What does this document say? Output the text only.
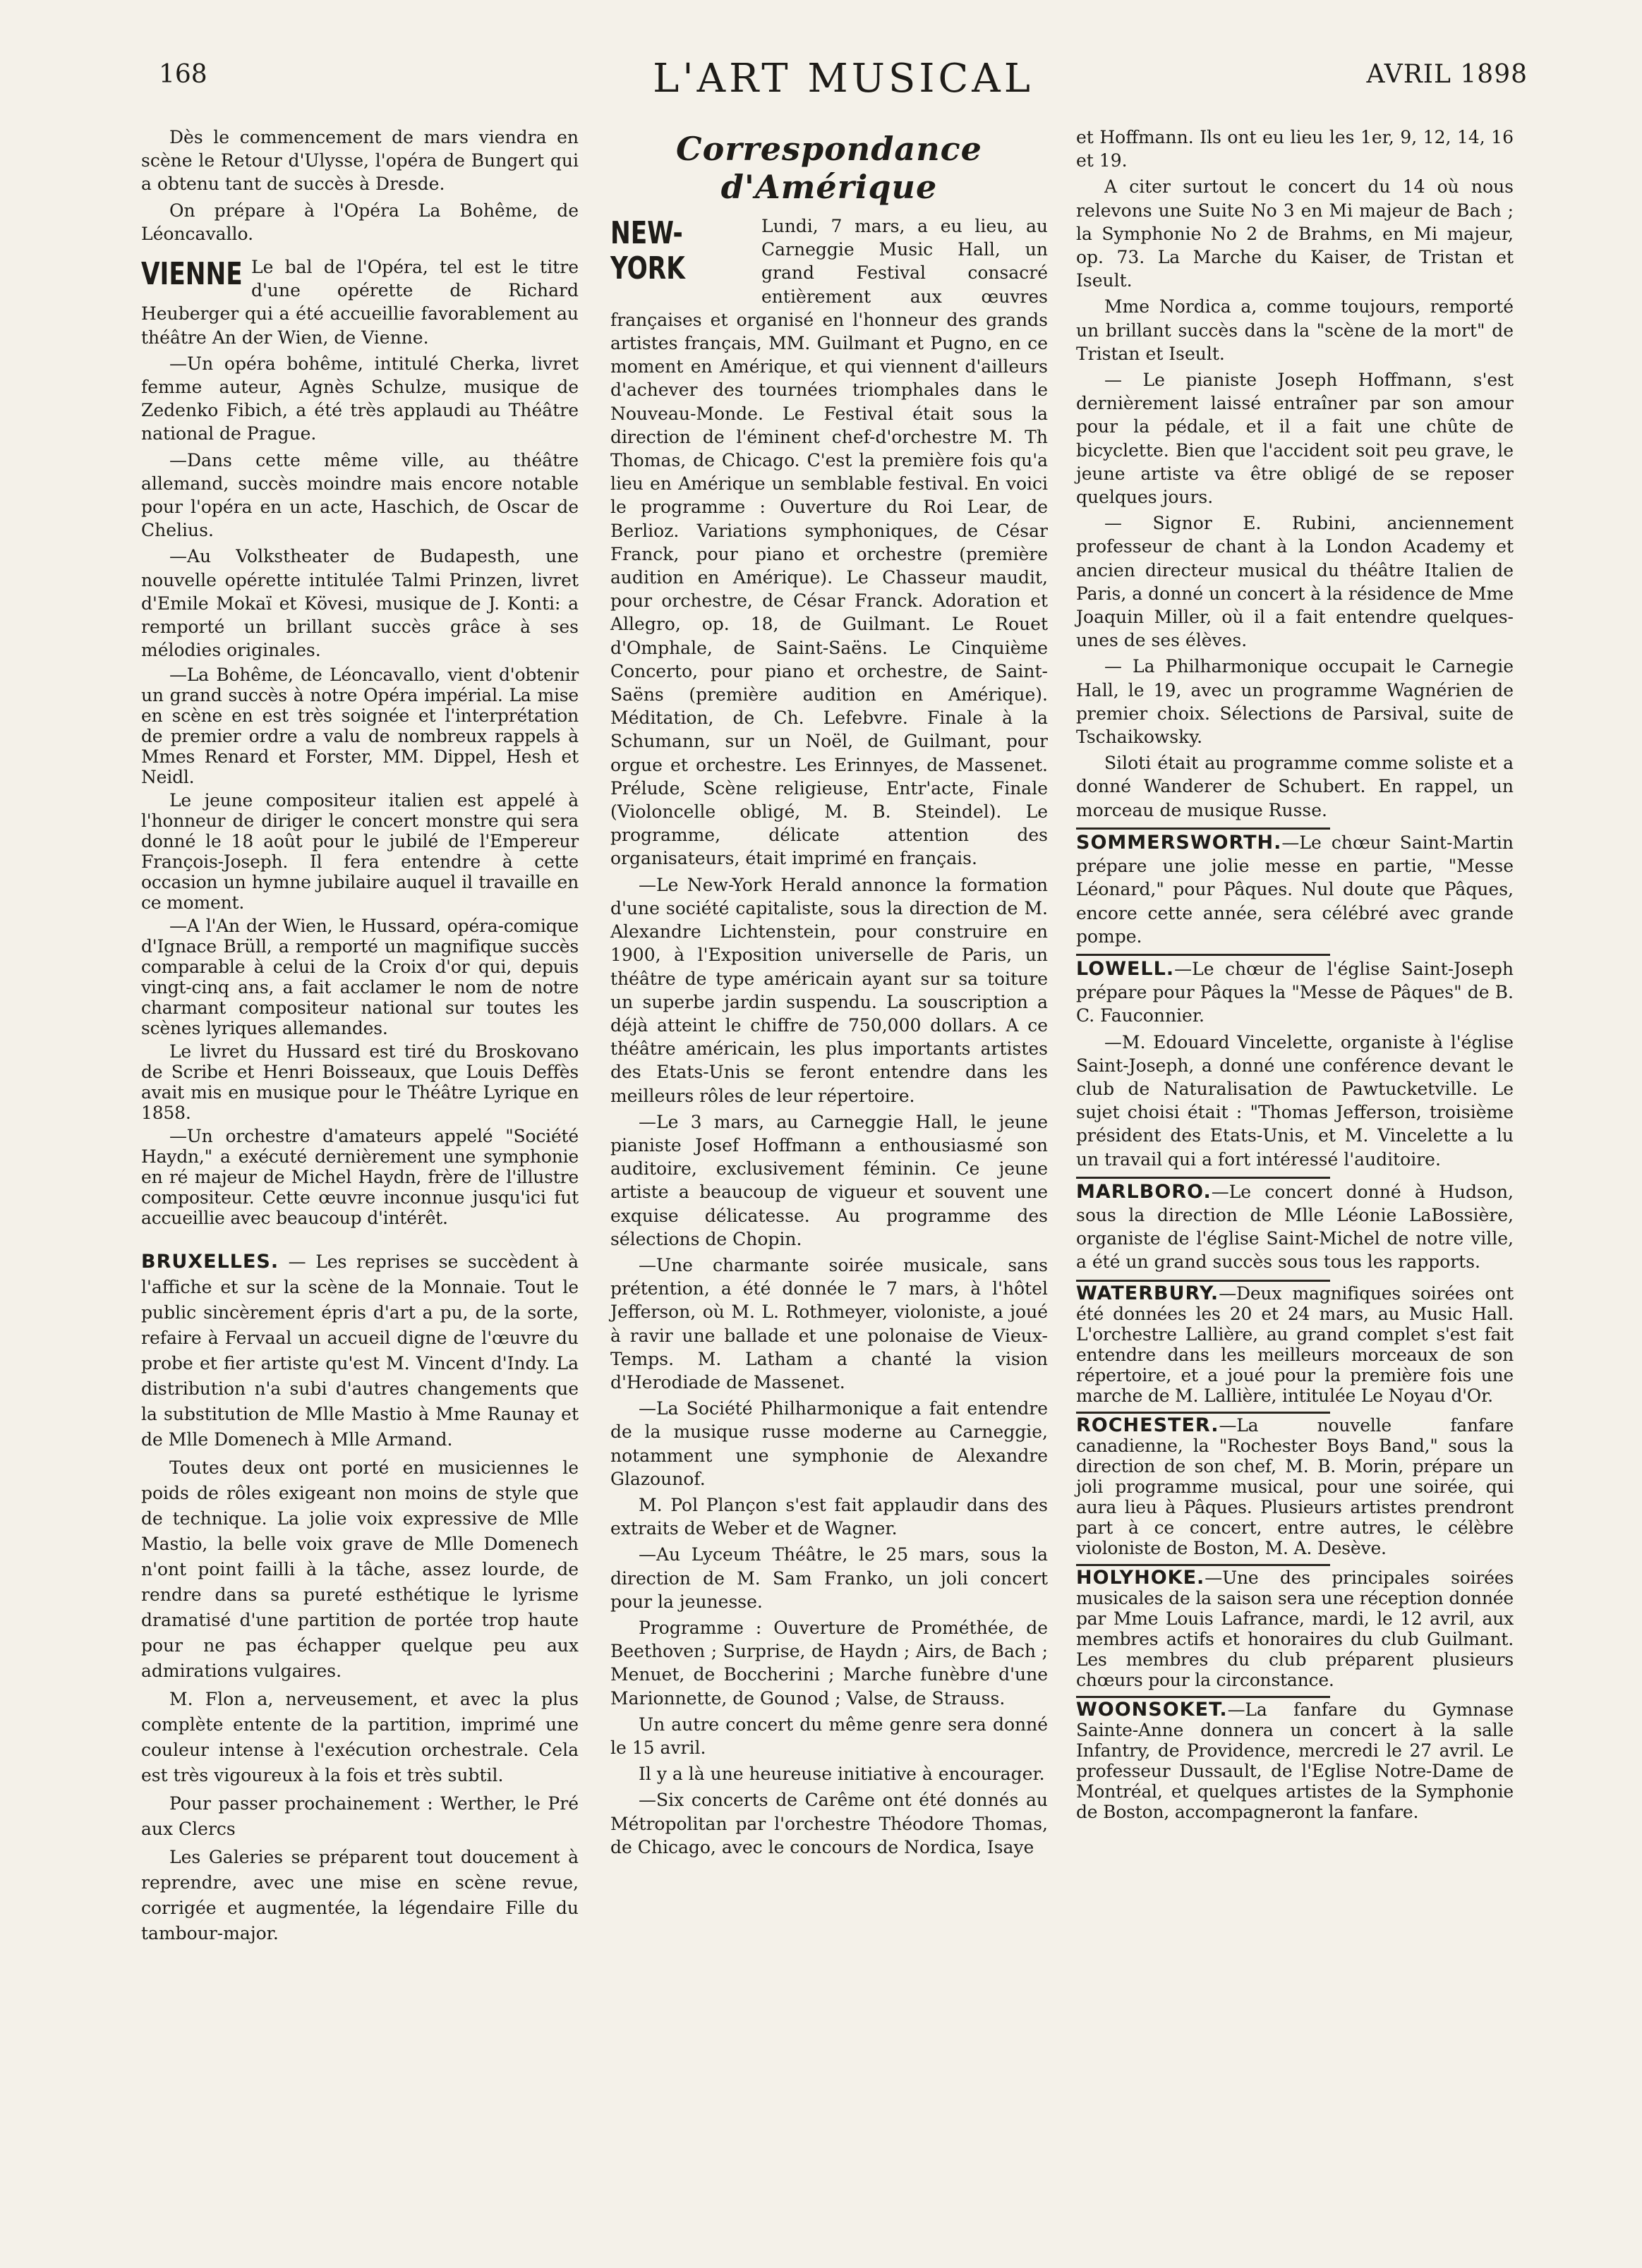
168	L'ART MUSICAL	AVRIL 1898

Dès le commencement de mars viendra en scène le Retour d'Ulysse, l'opéra de Bungert qui a obtenu tant de succès à Dresde.

On prépare à l'Opéra La Bohême, de Léoncavallo.

VIENNE Le bal de l'Opéra, tel est le titre d'une opérette de Richard Heuberger qui a été accueillie favorablement au théâtre An der Wien, de Vienne.

—Un opéra bohême, intitulé Cherka, livret femme auteur, Agnès Schulze, musique de Zedenko Fibich, a été très applaudi au Théâtre national de Prague.

—Dans cette même ville, au théâtre allemand, succès moindre mais encore notable pour l'opéra en un acte, Haschich, de Oscar de Chelius.

—Au Volkstheater de Budapesth, une nouvelle opérette intitulée Talmi Prinzen, livret d'Emile Mokaï et Kövesi, musique de J. Konti: a remporté un brillant succès grâce à ses mélodies originales.

—La Bohême, de Léoncavallo, vient d'obtenir un grand succès à notre Opéra impérial. La mise en scène en est très soignée et l'interprétation de premier ordre a valu de nombreux rappels à Mmes Renard et Forster, MM. Dippel, Hesh et Neidl.

Le jeune compositeur italien est appelé à l'honneur de diriger le concert monstre qui sera donné le 18 août pour le jubilé de l'Empereur François-Joseph. Il fera entendre à cette occasion un hymne jubilaire auquel il travaille en ce moment.

—A l'An der Wien, le Hussard, opéra-comique d'Ignace Brüll, a remporté un magnifique succès comparable à celui de la Croix d'or qui, depuis vingt-cinq ans, a fait acclamer le nom de notre charmant compositeur national sur toutes les scènes lyriques allemandes.

Le livret du Hussard est tiré du Broskovano de Scribe et Henri Boisseaux, que Louis Deffès avait mis en musique pour le Théâtre Lyrique en 1858.

—Un orchestre d'amateurs appelé "Société Haydn," a exécuté dernièrement une symphonie en ré majeur de Michel Haydn, frère de l'illustre compositeur. Cette œuvre inconnue jusqu'ici fut accueillie avec beaucoup d'intérêt.

BRUXELLES. — Les reprises se succèdent à l'affiche et sur la scène de la Monnaie. Tout le public sincèrement épris d'art a pu, de la sorte, refaire à Fervaal un accueil digne de l'œuvre du probe et fier artiste qu'est M. Vincent d'Indy. La distribution n'a subi d'autres changements que la substitution de Mlle Mastio à Mme Raunay et de Mlle Domenech à Mlle Armand.

Toutes deux ont porté en musiciennes le poids de rôles exigeant non moins de style que de technique. La jolie voix expressive de Mlle Mastio, la belle voix grave de Mlle Domenech n'ont point failli à la tâche, assez lourde, de rendre dans sa pureté esthétique le lyrisme dramatisé d'une partition de portée trop haute pour ne pas échapper quelque peu aux admirations vulgaires.

M. Flon a, nerveusement, et avec la plus complète entente de la partition, imprimé une couleur intense à l'exécution orchestrale. Cela est très vigoureux à la fois et très subtil.

Pour passer prochainement : Werther, le Pré aux Clercs

Les Galeries se préparent tout doucement à reprendre, avec une mise en scène revue, corrigée et augmentée, la légendaire Fille du tambour-major.

Correspondance d'Amérique
NEW-YORK

Lundi, 7 mars, a eu lieu, au Carneggie Music Hall, un grand Festival consacré entièrement aux œuvres françaises et organisé en l'honneur des grands artistes français, MM. Guilmant et Pugno, en ce moment en Amérique, et qui viennent d'ailleurs d'achever des tournées triomphales dans le Nouveau-Monde. Le Festival était sous la direction de l'éminent chef-d'orchestre M. Th Thomas, de Chicago. C'est la première fois qu'a lieu en Amérique un semblable festival. En voici le programme : Ouverture du Roi Lear, de Berlioz. Variations symphoniques, de César Franck, pour piano et orchestre (première audition en Amérique). Le Chasseur maudit, pour orchestre, de César Franck. Adoration et Allegro, op. 18, de Guilmant. Le Rouet d'Omphale, de Saint-Saëns. Le Cinquième Concerto, pour piano et orchestre, de Saint-Saëns (première audition en Amérique). Méditation, de Ch. Lefebvre. Finale à la Schumann, sur un Noël, de Guilmant, pour orgue et orchestre. Les Erinnyes, de Massenet. Prélude, Scène religieuse, Entr'acte, Finale (Violoncelle obligé, M. B. Steindel). Le programme, délicate attention des organisateurs, était imprimé en français.

—Le New-York Herald annonce la formation d'une société capitaliste, sous la direction de M. Alexandre Lichtenstein, pour construire en 1900, à l'Exposition universelle de Paris, un théâtre de type américain ayant sur sa toiture un superbe jardin suspendu. La souscription a déjà atteint le chiffre de 750,000 dollars. A ce théâtre américain, les plus importants artistes des Etats-Unis se feront entendre dans les meilleurs rôles de leur répertoire.

—Le 3 mars, au Carneggie Hall, le jeune pianiste Josef Hoffmann a enthousiasmé son auditoire, exclusivement féminin. Ce jeune artiste a beaucoup de vigueur et souvent une exquise délicatesse. Au programme des sélections de Chopin.

—Une charmante soirée musicale, sans prétention, a été donnée le 7 mars, à l'hôtel Jefferson, où M. L. Rothmeyer, violoniste, a joué à ravir une ballade et une polonaise de Vieux-Temps. M. Latham a chanté la vision d'Herodiade de Massenet.

—La Société Philharmonique a fait entendre de la musique russe moderne au Carneggie, notamment une symphonie de Alexandre Glazounof.

M. Pol Plançon s'est fait applaudir dans des extraits de Weber et de Wagner.

—Au Lyceum Théâtre, le 25 mars, sous la direction de M. Sam Franko, un joli concert pour la jeunesse.

Programme : Ouverture de Prométhée, de Beethoven ; Surprise, de Haydn ; Airs, de Bach ; Menuet, de Boccherini ; Marche funèbre d'une Marionnette, de Gounod ; Valse, de Strauss.

Un autre concert du même genre sera donné le 15 avril.

Il y a là une heureuse initiative à encourager.

—Six concerts de Carême ont été donnés au Métropolitan par l'orchestre Théodore Thomas, de Chicago, avec le concours de Nordica, Isaye

et Hoffmann. Ils ont eu lieu les 1er, 9, 12, 14, 16 et 19.

A citer surtout le concert du 14 où nous relevons une Suite No 3 en Mi majeur de Bach ; la Symphonie No 2 de Brahms, en Mi majeur, op. 73. La Marche du Kaiser, de Tristan et Iseult.

Mme Nordica a, comme toujours, remporté un brillant succès dans la "scène de la mort" de Tristan et Iseult.

— Le pianiste Joseph Hoffmann, s'est dernièrement laissé entraîner par son amour pour la pédale, et il a fait une chûte de bicyclette. Bien que l'accident soit peu grave, le jeune artiste va être obligé de se reposer quelques jours.

— Signor E. Rubini, anciennement professeur de chant à la London Academy et ancien directeur musical du théâtre Italien de Paris, a donné un concert à la résidence de Mme Joaquin Miller, où il a fait entendre quelques-unes de ses élèves.

— La Philharmonique occupait le Carnegie Hall, le 19, avec un programme Wagnérien de premier choix. Sélections de Parsival, suite de Tschaikowsky.

Siloti était au programme comme soliste et a donné Wanderer de Schubert. En rappel, un morceau de musique Russe.

SOMMERSWORTH.—Le chœur Saint-Martin prépare une jolie messe en partie, "Messe Léonard," pour Pâques. Nul doute que Pâques, encore cette année, sera célébré avec grande pompe.

LOWELL.—Le chœur de l'église Saint-Joseph prépare pour Pâques la "Messe de Pâques" de B. C. Fauconnier.

—M. Edouard Vincelette, organiste à l'église Saint-Joseph, a donné une conférence devant le club de Naturalisation de Pawtucketville. Le sujet choisi était : "Thomas Jefferson, troisième président des Etats-Unis, et M. Vincelette a lu un travail qui a fort intéressé l'auditoire.

MARLBORO.—Le concert donné à Hudson, sous la direction de Mlle Léonie LaBossière, organiste de l'église Saint-Michel de notre ville, a été un grand succès sous tous les rapports.

WATERBURY.—Deux magnifiques soirées ont été données les 20 et 24 mars, au Music Hall. L'orchestre Lallière, au grand complet s'est fait entendre dans les meilleurs morceaux de son répertoire, et a joué pour la première fois une marche de M. Lallière, intitulée Le Noyau d'Or.

ROCHESTER.—La nouvelle fanfare canadienne, la "Rochester Boys Band," sous la direction de son chef, M. B. Morin, prépare un joli programme musical, pour une soirée, qui aura lieu à Pâques. Plusieurs artistes prendront part à ce concert, entre autres, le célèbre violoniste de Boston, M. A. Desève.

HOLYHOKE.—Une des principales soirées musicales de la saison sera une réception donnée par Mme Louis Lafrance, mardi, le 12 avril, aux membres actifs et honoraires du club Guilmant. Les membres du club préparent plusieurs chœurs pour la circonstance.

WOONSOKET.—La fanfare du Gymnase Sainte-Anne donnera un concert à la salle Infantry, de Providence, mercredi le 27 avril. Le professeur Dussault, de l'Eglise Notre-Dame de Montréal, et quelques artistes de la Symphonie de Boston, accompagneront la fanfare.
